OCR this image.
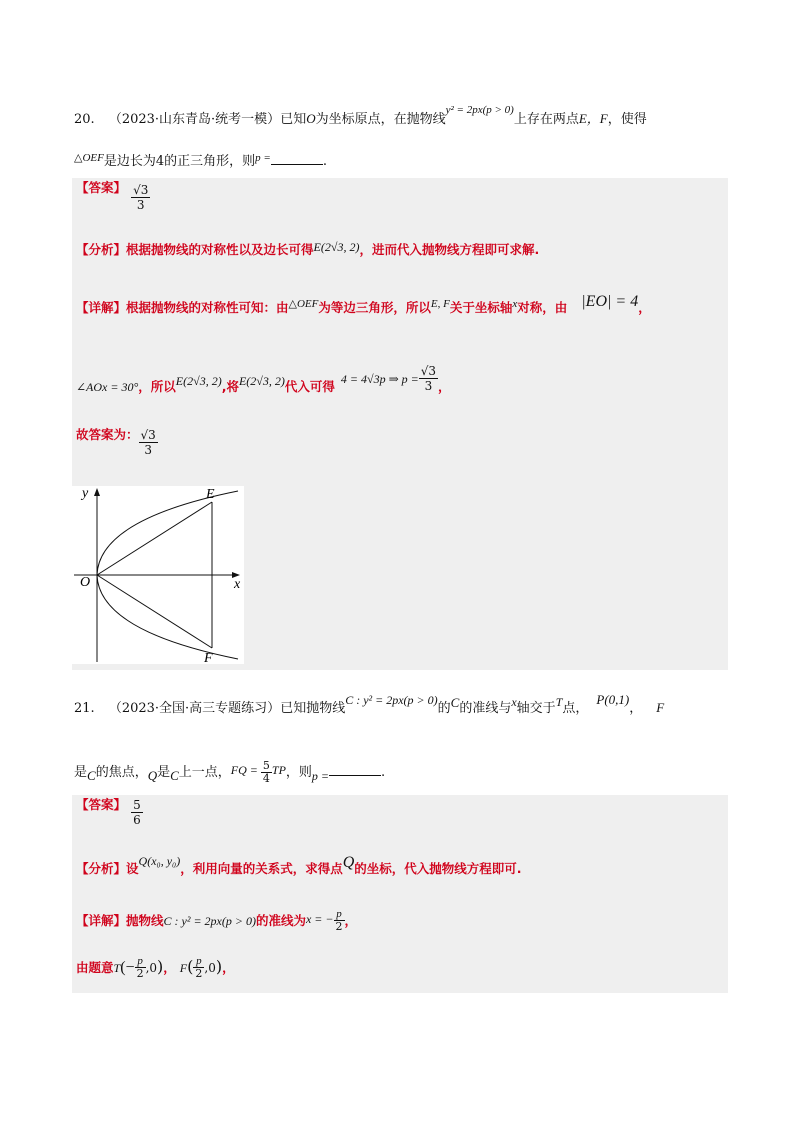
20. （2023·山东青岛·统考一模）已知O为坐标原点，在抛物线$^{y^2 = 2px(p > 0)}$上存在两点E，F，使得
$^{\triangle OEF}$是边长为4的正三角形，则$^{p =}$	.
$^{【答案】} \frac{√3}{3}$
【分析】根据抛物线的对称性以及边长可得E(2√3, 2)，进而代入抛物线方程即可求解.
【详解】根据抛物线的对称性可知：由$^{\triangle OEF}$为等边三角形，所以$^{E, F}$关于坐标轴$^x$对称，由 |EO| = 4，
∠AOx = 30°，所以$^{E(2√3, 2)}$,将$^{E(2√3, 2)}$代入可得 $^{4 = 4√3p \Rightarrow p =} \frac{√3}{3}$ ，
$^{故答案为:} \frac{√3}{3}$
y
x
O
E
F
21. （2023·全国·高三专题练习）已知抛物线C : y² = 2px(p > 0)的C的准线与x轴交于T点，P(0,1)， F
是C的焦点，Q是C上一点，FQ = $\frac{5}{4}$ TP，则p =	.
$^{【答案】} \frac{5}{6}$
【分析】设$^{Q(x_0, y_0)}$，利用向量的关系式，求得点Q的坐标，代入抛物线方程即可.
【详解】抛物线C : y² = 2px(p > 0)的准线为x = − $\frac{p}{2}$ ，
由题意$T(- \frac{p}{2} ,0)$， $F( \frac{p}{2} ,0)$，
